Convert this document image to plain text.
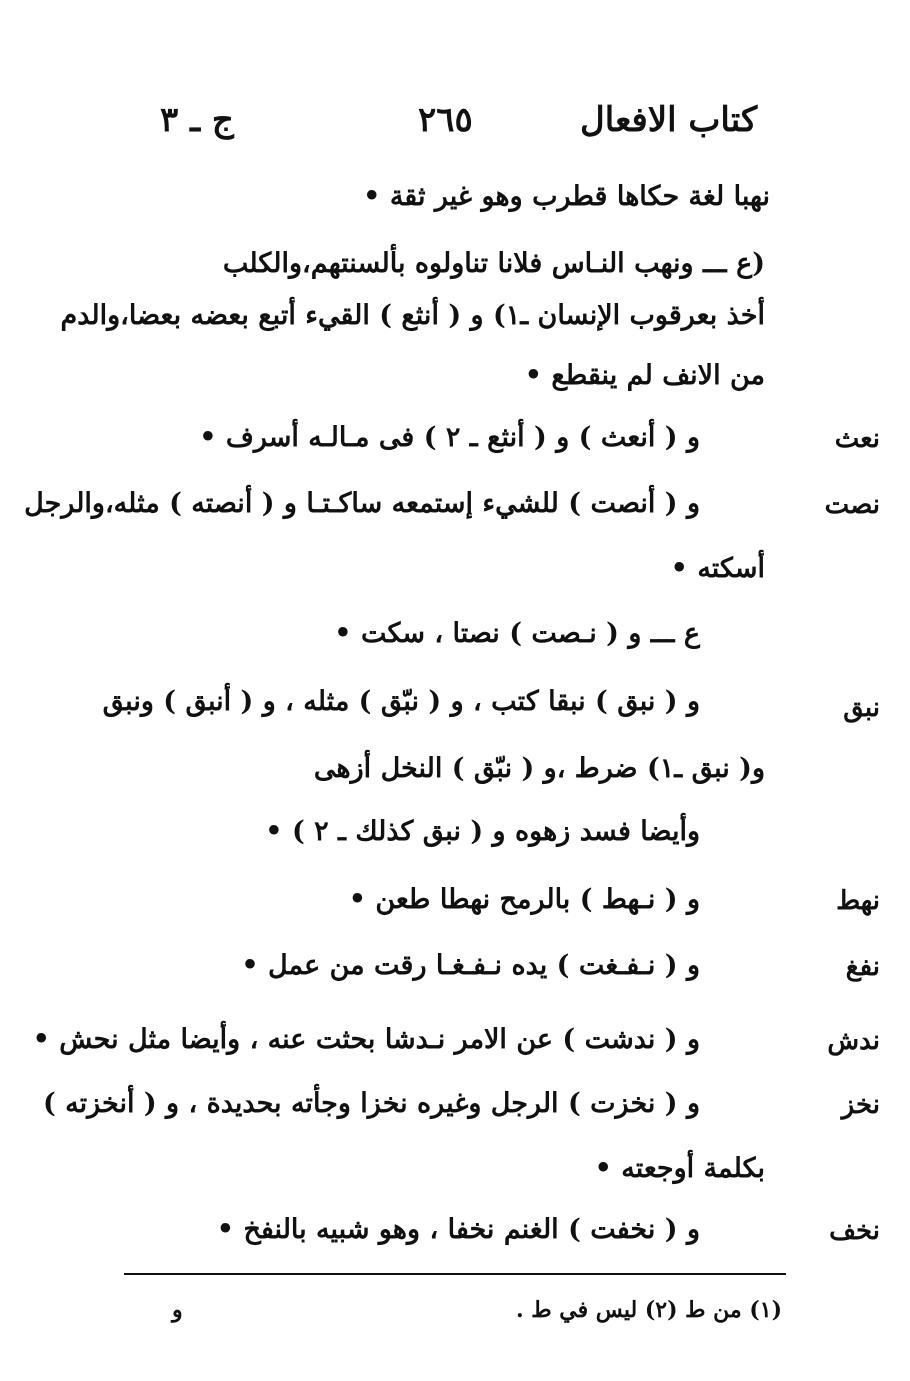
كتاب الافعال
٢٦٥
ج ـ ٣
نهبا لغة حكاها قطرب وهو غير ثقة •
(ع ـــ ونهب النـاس فلانا تناولوه بألسنتهم،والكلب
أخذ بعرقوب الإنسان ـ١) و ( أنثع ) القيء أتبع بعضه بعضا،والدم
من الانف لم ينقطع •
نعث
و ( أنعث ) و ( أنثع ـ ٢ ) فى مـالـه أسرف •
نصت
و ( أنصت ) للشيء إستمعه ساكـتـا و ( أنصته ) مثله،والرجل
أسكته •
ع ـــ و ( نـصت ) نصتا ، سكت •
نبق
و ( نبق ) نبقا كتب ، و ( نبّق ) مثله ، و ( أنبق ) ونبق
و( نبق ـ١) ضرط ،و ( نبّق ) النخل أزهى
وأيضا فسد زهوه و ( نبق كذلك ـ ٢ ) •
نهط
و ( نـهط ) بالرمح نهطا طعن •
نفغ
و ( نـفـغت ) يده نـفـغـا رقت من عمل •
ندش
و ( ندشت ) عن الامر نـدشا بحثت عنه ، وأيضا مثل نحش •
نخز
و ( نخزت ) الرجل وغيره نخزا وجأته بحديدة ، و ( أنخزته )
بكلمة أوجعته •
نخف
و ( نخفت ) الغنم نخفا ، وهو شبيه بالنفخ •
(١) من ط (٢) ليس في ط .
و
